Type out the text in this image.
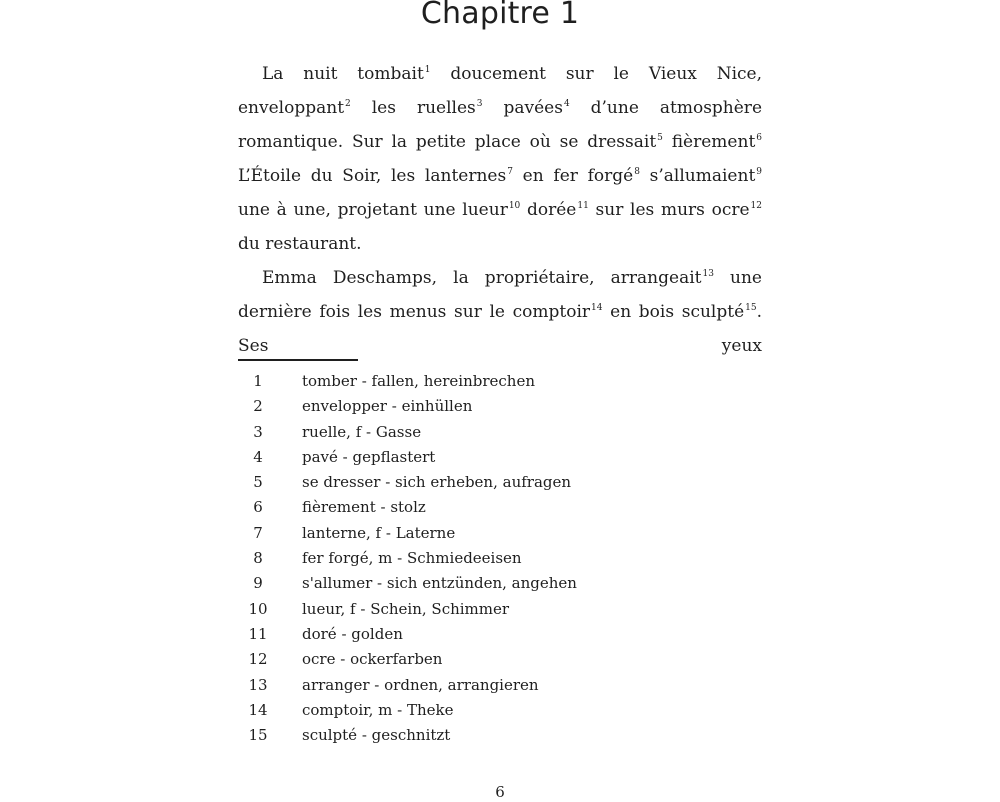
Chapitre 1

La nuit tombait$^1$ doucement sur le Vieux Nice, enveloppant$^2$ les ruelles$^3$ pavées$^4$ d’une atmosphère romantique. Sur la petite place où se dressait$^5$ fièrement$^6$ L’Étoile du Soir, les lanternes$^7$ en fer forgé$^8$ s’allumaient$^9$ une à une, projetant une lueur$^{10}$ dorée$^{11}$ sur les murs ocre$^{12}$ du restaurant.

Emma Deschamps, la propriétaire, arrangeait$^{13}$ une dernière fois les menus sur le comptoir$^{14}$ en bois sculpté$^{15}$. Ses yeux

1	tomber - fallen, hereinbrechen
2	envelopper - einhüllen
3	ruelle, f - Gasse
4	pavé - gepflastert
5	se dresser - sich erheben, aufragen
6	fièrement - stolz
7	lanterne, f - Laterne
8	fer forgé, m - Schmiedeeisen
9	s'allumer - sich entzünden, angehen
10	lueur, f - Schein, Schimmer
11	doré - golden
12	ocre - ockerfarben
13	arranger - ordnen, arrangieren
14	comptoir, m - Theke
15	sculpté - geschnitzt
6
